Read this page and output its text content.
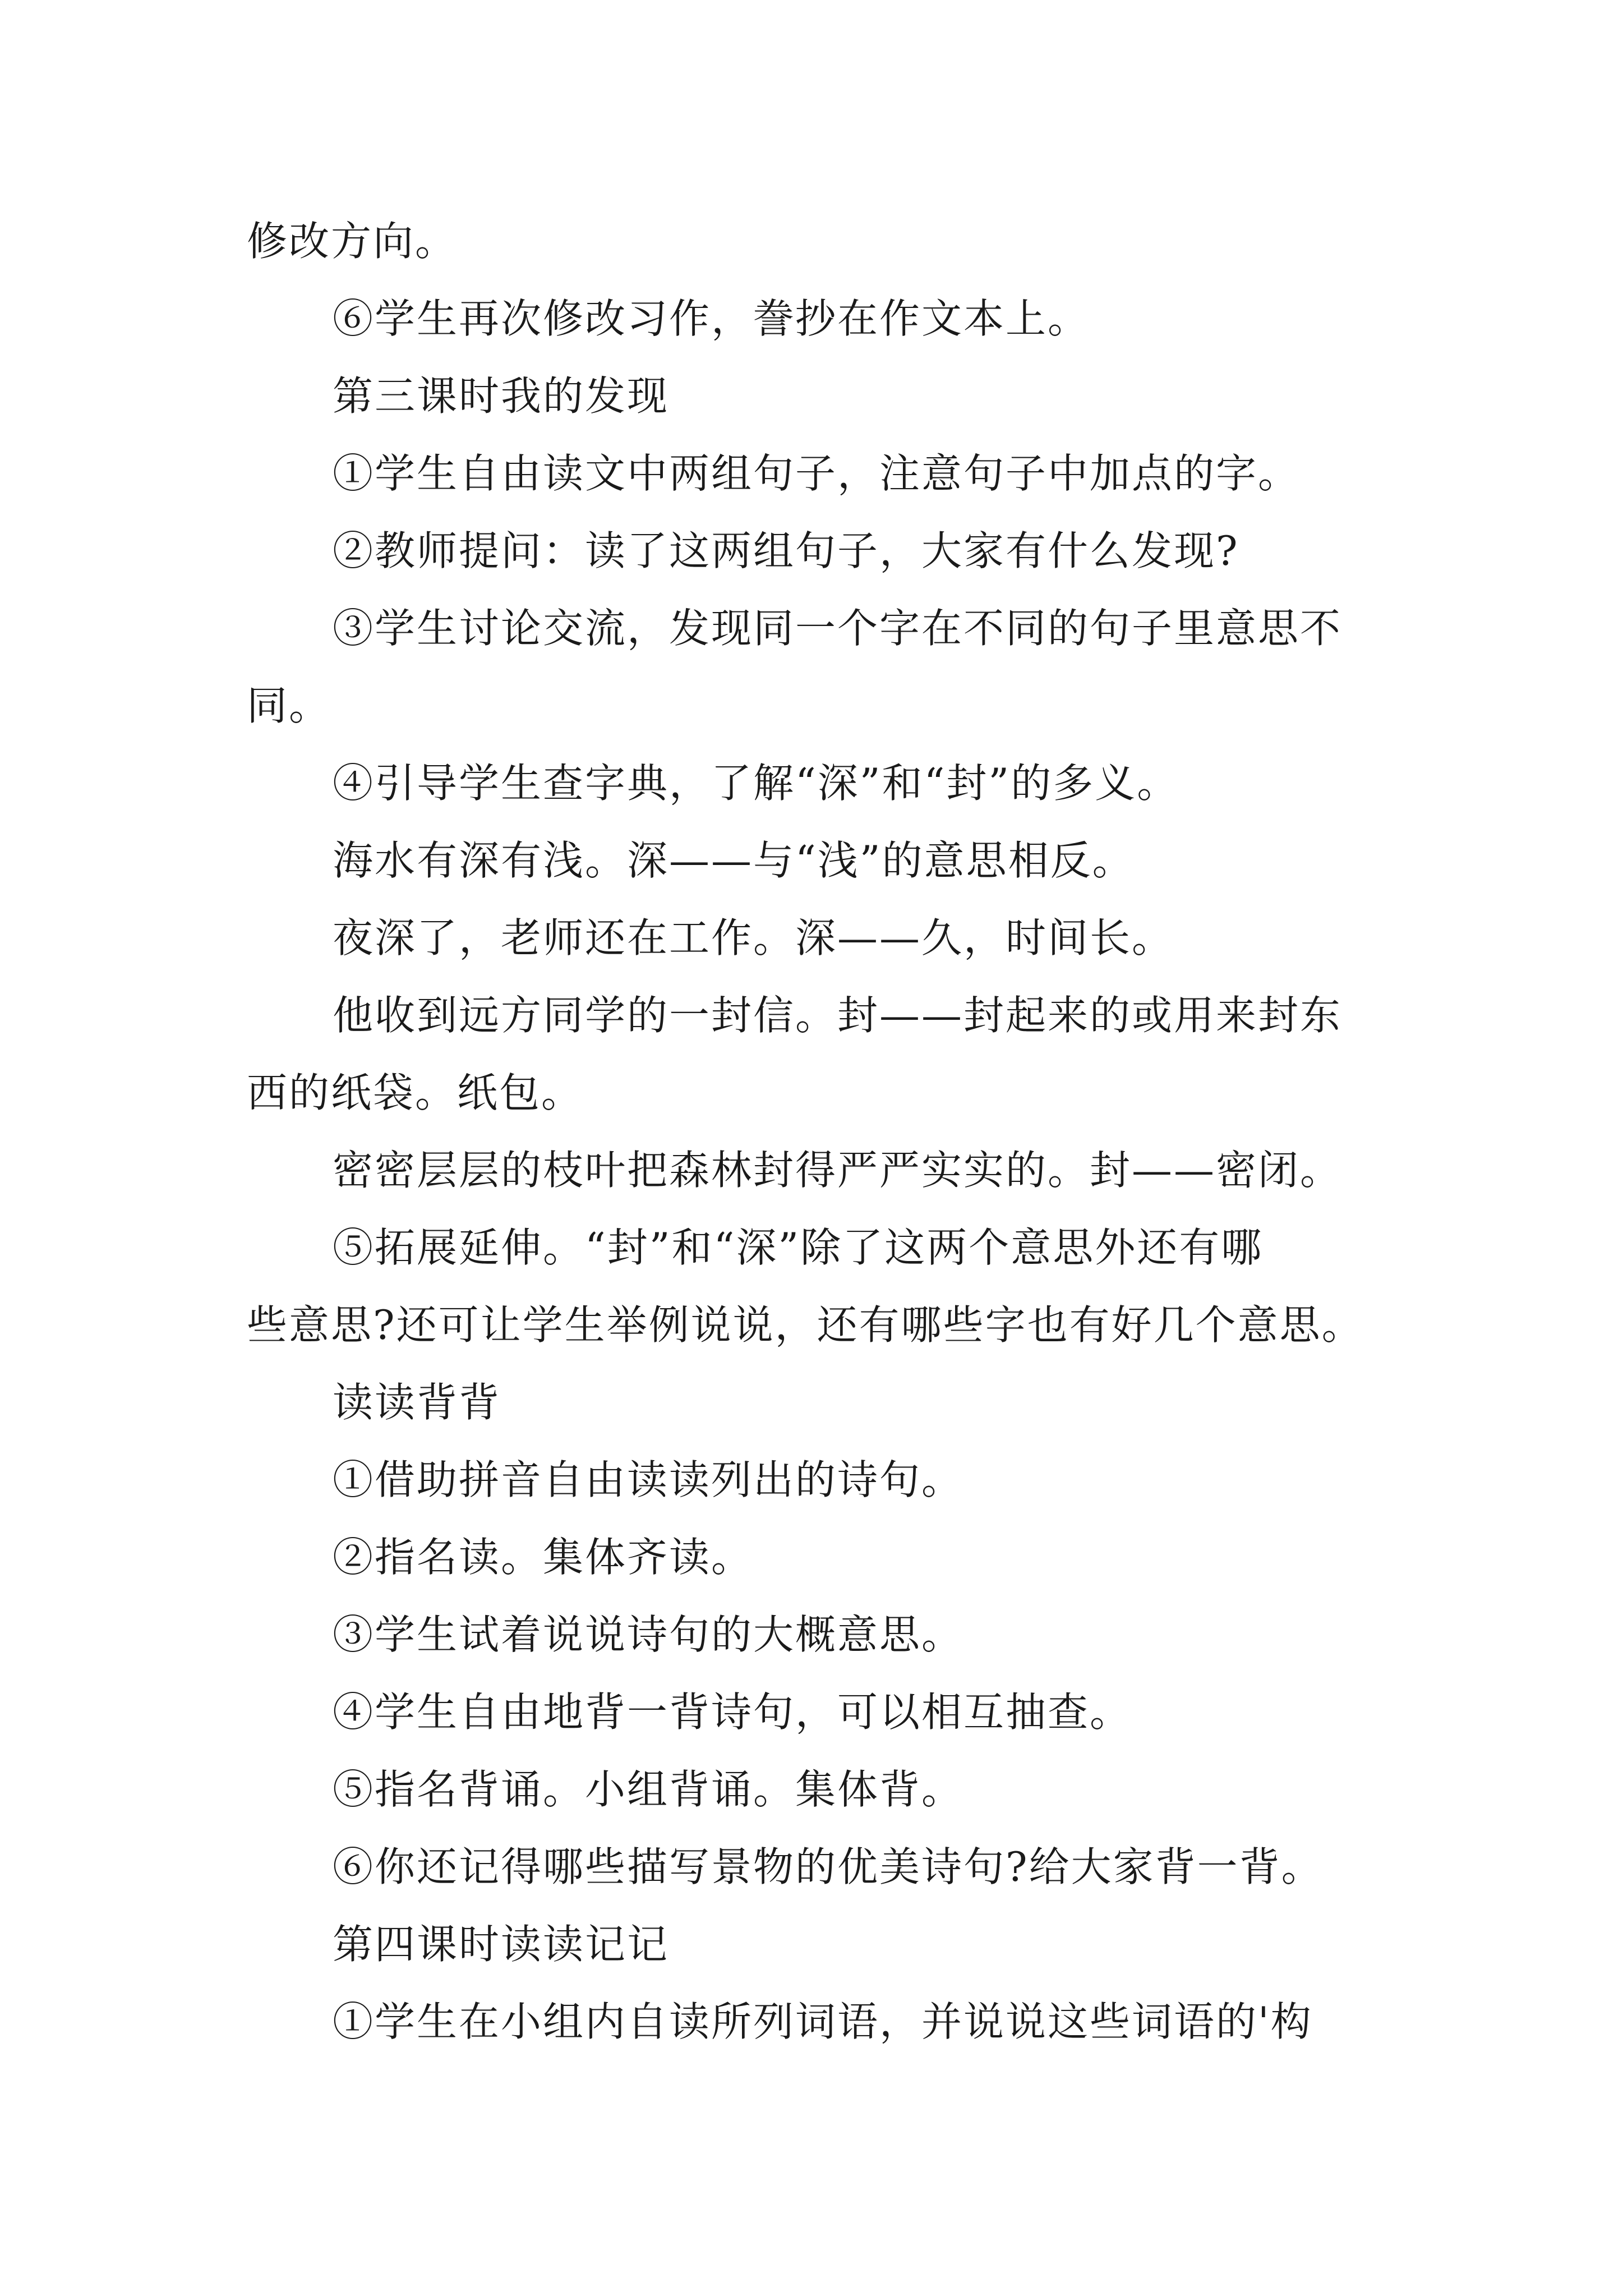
修改方向。
⑥学生再次修改习作，誊抄在作文本上。
第三课时我的发现
①学生自由读文中两组句子，注意句子中加点的字。
②教师提问：读了这两组句子，大家有什么发现?
③学生讨论交流，发现同一个字在不同的句子里意思不
同。
④引导学生查字典，了解“深”和“封”的多义。
海水有深有浅。深——与“浅”的意思相反。
夜深了，老师还在工作。深——久，时间长。
他收到远方同学的一封信。封——封起来的或用来封东
西的纸袋。纸包。
密密层层的枝叶把森林封得严严实实的。封——密闭。
⑤拓展延伸。“封”和“深”除了这两个意思外还有哪
些意思?还可让学生举例说说，还有哪些字也有好几个意思。
读读背背
①借助拼音自由读读列出的诗句。
②指名读。集体齐读。
③学生试着说说诗句的大概意思。
④学生自由地背一背诗句，可以相互抽查。
⑤指名背诵。小组背诵。集体背。
⑥你还记得哪些描写景物的优美诗句?给大家背一背。
第四课时读读记记
①学生在小组内自读所列词语，并说说这些词语的'构
